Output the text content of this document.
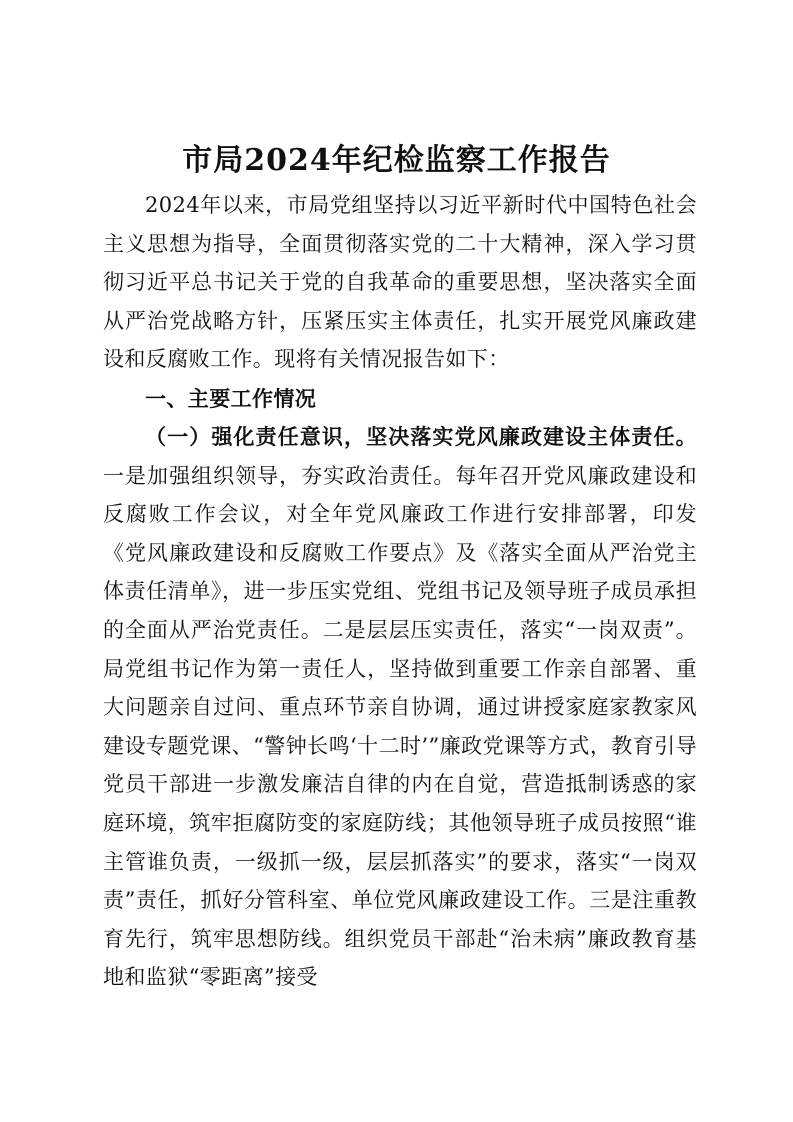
市局2024年纪检监察工作报告

2024年以来，市局党组坚持以习近平新时代中国特色社会主义思想为指导，全面贯彻落实党的二十大精神，深入学习贯彻习近平总书记关于党的自我革命的重要思想，坚决落实全面从严治党战略方针，压紧压实主体责任，扎实开展党风廉政建设和反腐败工作。现将有关情况报告如下：

一、主要工作情况

（一）强化责任意识，坚决落实党风廉政建设主体责任。一是加强组织领导，夯实政治责任。每年召开党风廉政建设和反腐败工作会议，对全年党风廉政工作进行安排部署，印发《党风廉政建设和反腐败工作要点》及《落实全面从严治党主体责任清单》，进一步压实党组、党组书记及领导班子成员承担的全面从严治党责任。二是层层压实责任，落实“一岗双责”。局党组书记作为第一责任人，坚持做到重要工作亲自部署、重大问题亲自过问、重点环节亲自协调，通过讲授家庭家教家风建设专题党课、“警钟长鸣‘十二时’”廉政党课等方式，教育引导党员干部进一步激发廉洁自律的内在自觉，营造抵制诱惑的家庭环境，筑牢拒腐防变的家庭防线；其他领导班子成员按照“谁主管谁负责，一级抓一级，层层抓落实”的要求，落实“一岗双责”责任，抓好分管科室、单位党风廉政建设工作。三是注重教育先行，筑牢思想防线。组织党员干部赴“治未病”廉政教育基地和监狱“零距离”接受
